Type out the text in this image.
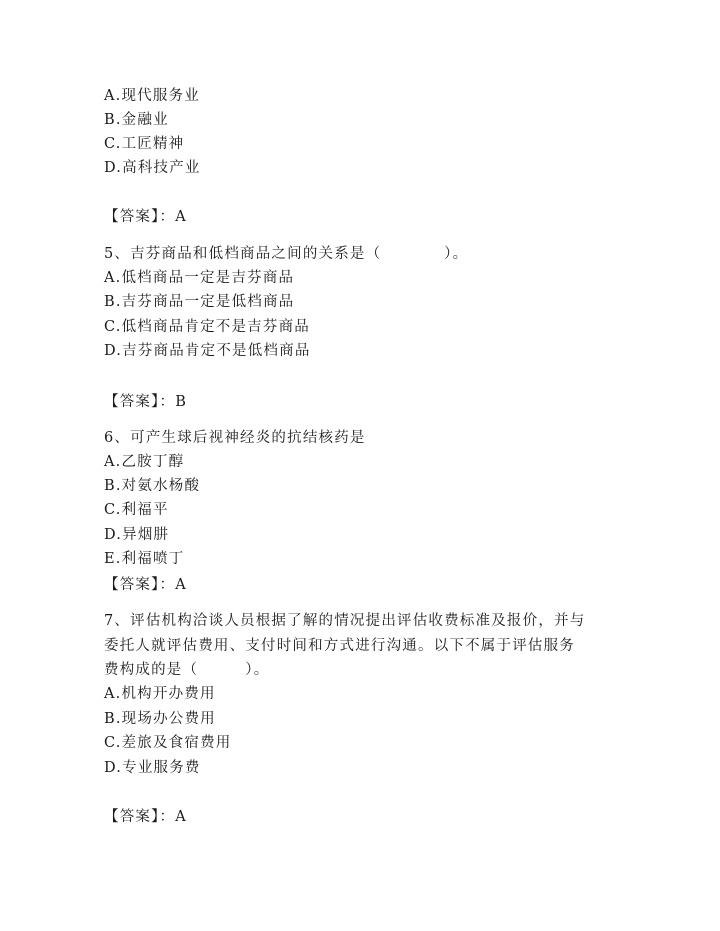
A.现代服务业
B.金融业
C.工匠精神
D.高科技产业
【答案】：A
5、吉芬商品和低档商品之间的关系是（　　　　）。
A.低档商品一定是吉芬商品
B.吉芬商品一定是低档商品
C.低档商品肯定不是吉芬商品
D.吉芬商品肯定不是低档商品
【答案】：B
6、可产生球后视神经炎的抗结核药是
A.乙胺丁醇
B.对氨水杨酸
C.利福平
D.异烟肼
E.利福喷丁
【答案】：A
7、评估机构洽谈人员根据了解的情况提出评估收费标准及报价，并与
委托人就评估费用、支付时间和方式进行沟通。以下不属于评估服务
费构成的是（　　　）。
A.机构开办费用
B.现场办公费用
C.差旅及食宿费用
D.专业服务费
【答案】：A
